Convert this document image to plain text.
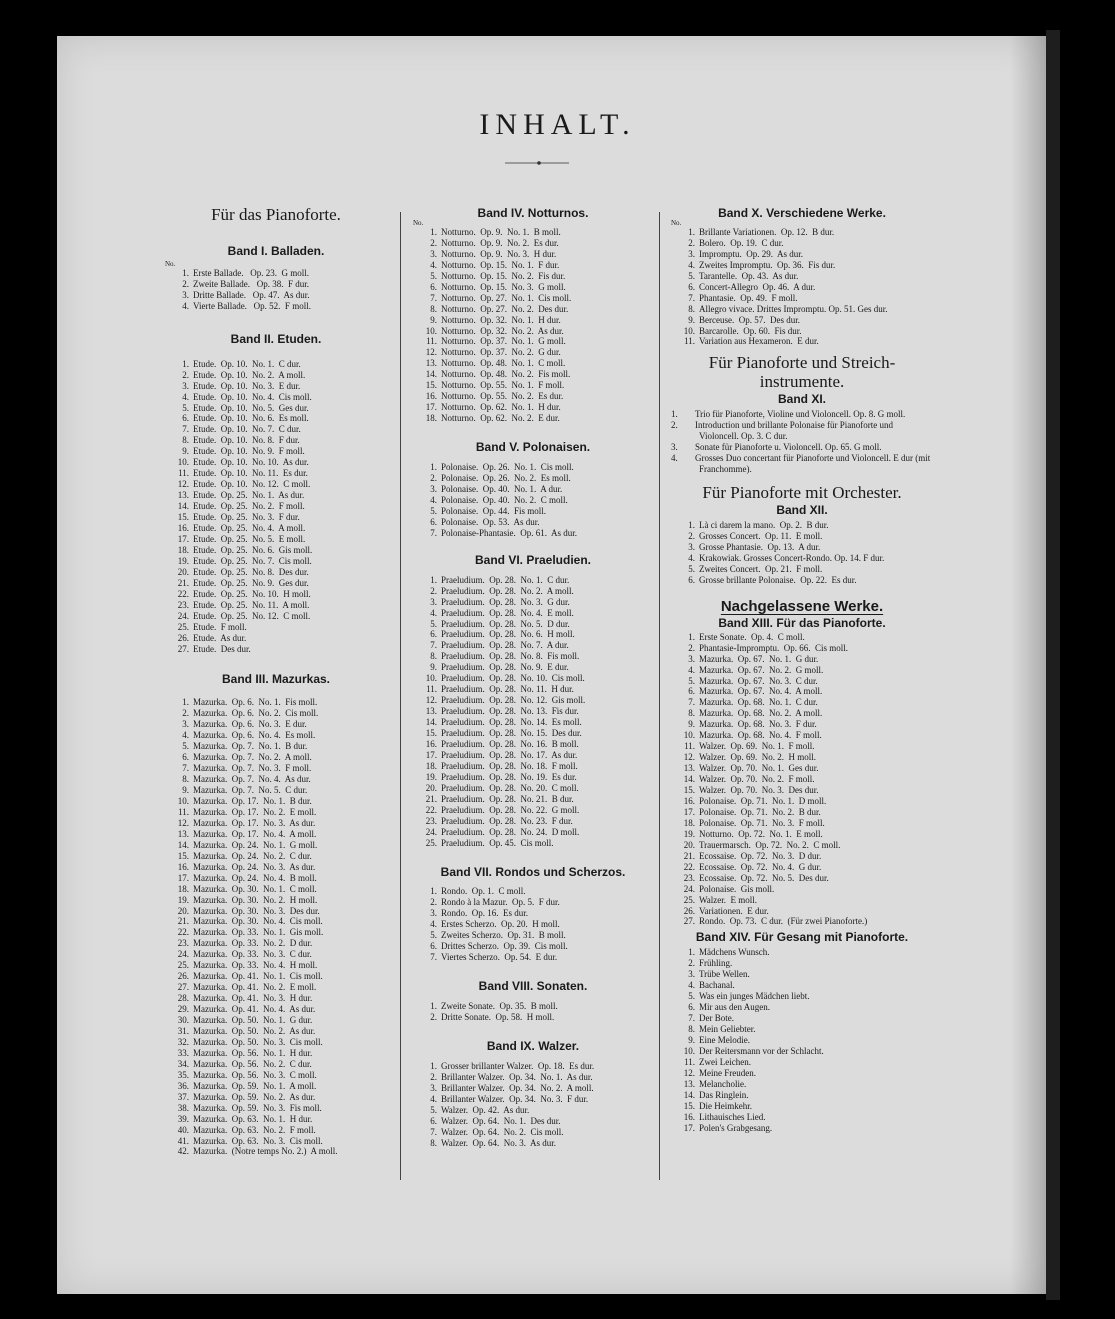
INHALT.
Für das Pianoforte.
Band I. Balladen.
No.
1. Erste Ballade.   Op. 23.  G moll.
2. Zweite Ballade.   Op. 38.  F dur.
3. Dritte Ballade.   Op. 47.  As dur.
4. Vierte Ballade.   Op. 52.  F moll.
Band II. Etuden.
1. Etude.  Op. 10.  No. 1.  C dur.
2. Etude.  Op. 10.  No. 2.  A moll.
3. Etude.  Op. 10.  No. 3.  E dur.
4. Etude.  Op. 10.  No. 4.  Cis moll.
5. Etude.  Op. 10.  No. 5.  Ges dur.
6. Etude.  Op. 10.  No. 6.  Es moll.
7. Etude.  Op. 10.  No. 7.  C dur.
8. Etude.  Op. 10.  No. 8.  F dur.
9. Etude.  Op. 10.  No. 9.  F moll.
10. Etude.  Op. 10.  No. 10.  As dur.
11. Etude.  Op. 10.  No. 11.  Es dur.
12. Etude.  Op. 10.  No. 12.  C moll.
13. Etude.  Op. 25.  No. 1.  As dur.
14. Etude.  Op. 25.  No. 2.  F moll.
15. Etude.  Op. 25.  No. 3.  F dur.
16. Etude.  Op. 25.  No. 4.  A moll.
17. Etude.  Op. 25.  No. 5.  E moll.
18. Etude.  Op. 25.  No. 6.  Gis moll.
19. Etude.  Op. 25.  No. 7.  Cis moll.
20. Etude.  Op. 25.  No. 8.  Des dur.
21. Etude.  Op. 25.  No. 9.  Ges dur.
22. Etude.  Op. 25.  No. 10.  H moll.
23. Etude.  Op. 25.  No. 11.  A moll.
24. Etude.  Op. 25.  No. 12.  C moll.
25. Etude.  F moll.
26. Etude.  As dur.
27. Etude.  Des dur.
Band III. Mazurkas.
1. Mazurka.  Op. 6.  No. 1.  Fis moll.
2. Mazurka.  Op. 6.  No. 2.  Cis moll.
3. Mazurka.  Op. 6.  No. 3.  E dur.
4. Mazurka.  Op. 6.  No. 4.  Es moll.
5. Mazurka.  Op. 7.  No. 1.  B dur.
6. Mazurka.  Op. 7.  No. 2.  A moll.
7. Mazurka.  Op. 7.  No. 3.  F moll.
8. Mazurka.  Op. 7.  No. 4.  As dur.
9. Mazurka.  Op. 7.  No. 5.  C dur.
10. Mazurka.  Op. 17.  No. 1.  B dur.
11. Mazurka.  Op. 17.  No. 2.  E moll.
12. Mazurka.  Op. 17.  No. 3.  As dur.
13. Mazurka.  Op. 17.  No. 4.  A moll.
14. Mazurka.  Op. 24.  No. 1.  G moll.
15. Mazurka.  Op. 24.  No. 2.  C dur.
16. Mazurka.  Op. 24.  No. 3.  As dur.
17. Mazurka.  Op. 24.  No. 4.  B moll.
18. Mazurka.  Op. 30.  No. 1.  C moll.
19. Mazurka.  Op. 30.  No. 2.  H moll.
20. Mazurka.  Op. 30.  No. 3.  Des dur.
21. Mazurka.  Op. 30.  No. 4.  Cis moll.
22. Mazurka.  Op. 33.  No. 1.  Gis moll.
23. Mazurka.  Op. 33.  No. 2.  D dur.
24. Mazurka.  Op. 33.  No. 3.  C dur.
25. Mazurka.  Op. 33.  No. 4.  H moll.
26. Mazurka.  Op. 41.  No. 1.  Cis moll.
27. Mazurka.  Op. 41.  No. 2.  E moll.
28. Mazurka.  Op. 41.  No. 3.  H dur.
29. Mazurka.  Op. 41.  No. 4.  As dur.
30. Mazurka.  Op. 50.  No. 1.  G dur.
31. Mazurka.  Op. 50.  No. 2.  As dur.
32. Mazurka.  Op. 50.  No. 3.  Cis moll.
33. Mazurka.  Op. 56.  No. 1.  H dur.
34. Mazurka.  Op. 56.  No. 2.  C dur.
35. Mazurka.  Op. 56.  No. 3.  C moll.
36. Mazurka.  Op. 59.  No. 1.  A moll.
37. Mazurka.  Op. 59.  No. 2.  As dur.
38. Mazurka.  Op. 59.  No. 3.  Fis moll.
39. Mazurka.  Op. 63.  No. 1.  H dur.
40. Mazurka.  Op. 63.  No. 2.  F moll.
41. Mazurka.  Op. 63.  No. 3.  Cis moll.
42. Mazurka.  (Notre temps No. 2.)  A moll.
Band IV. Notturnos.
No.
1. Notturno.  Op. 9.  No. 1.  B moll.
2. Notturno.  Op. 9.  No. 2.  Es dur.
3. Notturno.  Op. 9.  No. 3.  H dur.
4. Notturno.  Op. 15.  No. 1.  F dur.
5. Notturno.  Op. 15.  No. 2.  Fis dur.
6. Notturno.  Op. 15.  No. 3.  G moll.
7. Notturno.  Op. 27.  No. 1.  Cis moll.
8. Notturno.  Op. 27.  No. 2.  Des dur.
9. Notturno.  Op. 32.  No. 1.  H dur.
10. Notturno.  Op. 32.  No. 2.  As dur.
11. Notturno.  Op. 37.  No. 1.  G moll.
12. Notturno.  Op. 37.  No. 2.  G dur.
13. Notturno.  Op. 48.  No. 1.  C moll.
14. Notturno.  Op. 48.  No. 2.  Fis moll.
15. Notturno.  Op. 55.  No. 1.  F moll.
16. Notturno.  Op. 55.  No. 2.  Es dur.
17. Notturno.  Op. 62.  No. 1.  H dur.
18. Notturno.  Op. 62.  No. 2.  E dur.
Band V. Polonaisen.
1. Polonaise.  Op. 26.  No. 1.  Cis moll.
2. Polonaise.  Op. 26.  No. 2.  Es moll.
3. Polonaise.  Op. 40.  No. 1.  A dur.
4. Polonaise.  Op. 40.  No. 2.  C moll.
5. Polonaise.  Op. 44.  Fis moll.
6. Polonaise.  Op. 53.  As dur.
7. Polonaise-Phantasie.  Op. 61.  As dur.
Band VI. Praeludien.
1. Praeludium.  Op. 28.  No. 1.  C dur.
2. Praeludium.  Op. 28.  No. 2.  A moll.
3. Praeludium.  Op. 28.  No. 3.  G dur.
4. Praeludium.  Op. 28.  No. 4.  E moll.
5. Praeludium.  Op. 28.  No. 5.  D dur.
6. Praeludium.  Op. 28.  No. 6.  H moll.
7. Praeludium.  Op. 28.  No. 7.  A dur.
8. Praeludium.  Op. 28.  No. 8.  Fis moll.
9. Praeludium.  Op. 28.  No. 9.  E dur.
10. Praeludium.  Op. 28.  No. 10.  Cis moll.
11. Praeludium.  Op. 28.  No. 11.  H dur.
12. Praeludium.  Op. 28.  No. 12.  Gis moll.
13. Praeludium.  Op. 28.  No. 13.  Fis dur.
14. Praeludium.  Op. 28.  No. 14.  Es moll.
15. Praeludium.  Op. 28.  No. 15.  Des dur.
16. Praeludium.  Op. 28.  No. 16.  B moll.
17. Praeludium.  Op. 28.  No. 17.  As dur.
18. Praeludium.  Op. 28.  No. 18.  F moll.
19. Praeludium.  Op. 28.  No. 19.  Es dur.
20. Praeludium.  Op. 28.  No. 20.  C moll.
21. Praeludium.  Op. 28.  No. 21.  B dur.
22. Praeludium.  Op. 28.  No. 22.  G moll.
23. Praeludium.  Op. 28.  No. 23.  F dur.
24. Praeludium.  Op. 28.  No. 24.  D moll.
25. Praeludium.  Op. 45.  Cis moll.
Band VII. Rondos und Scherzos.
1. Rondo.  Op. 1.  C moll.
2. Rondo à la Mazur.  Op. 5.  F dur.
3. Rondo.  Op. 16.  Es dur.
4. Erstes Scherzo.  Op. 20.  H moll.
5. Zweites Scherzo.  Op. 31.  B moll.
6. Drittes Scherzo.  Op. 39.  Cis moll.
7. Viertes Scherzo.  Op. 54.  E dur.
Band VIII. Sonaten.
1. Zweite Sonate.  Op. 35.  B moll.
2. Dritte Sonate.  Op. 58.  H moll.
Band IX. Walzer.
1. Grosser brillanter Walzer.  Op. 18.  Es dur.
2. Brillanter Walzer.  Op. 34.  No. 1.  As dur.
3. Brillanter Walzer.  Op. 34.  No. 2.  A moll.
4. Brillanter Walzer.  Op. 34.  No. 3.  F dur.
5. Walzer.  Op. 42.  As dur.
6. Walzer.  Op. 64.  No. 1.  Des dur.
7. Walzer.  Op. 64.  No. 2.  Cis moll.
8. Walzer.  Op. 64.  No. 3.  As dur.
Band X. Verschiedene Werke.
No.
1. Brillante Variationen.  Op. 12.  B dur.
2. Bolero.  Op. 19.  C dur.
3. Impromptu.  Op. 29.  As dur.
4. Zweites Impromptu.  Op. 36.  Fis dur.
5. Tarantelle.  Op. 43.  As dur.
6. Concert-Allegro  Op. 46.  A dur.
7. Phantasie.  Op. 49.  F moll.
8. Allegro vivace. Drittes Impromptu. Op. 51. Ges dur.
9. Berceuse.  Op. 57.  Des dur.
10. Barcarolle.  Op. 60.  Fis dur.
11. Variation aus Hexameron.  E dur.
Für Pianoforte und Streich-instrumente.
Band XI.
1. Trio für Pianoforte, Violine und Violoncell. Op. 8. G moll.
2. Introduction und brillante Polonaise für Pianoforte und Violoncell. Op. 3. C dur.
3. Sonate für Pianoforte u. Violoncell. Op. 65. G moll.
4. Grosses Duo concertant für Pianoforte und Violoncell. E dur (mit Franchomme).
Für Pianoforte mit Orchester.
Band XII.
1. Là ci darem la mano.  Op. 2.  B dur.
2. Grosses Concert.  Op. 11.  E moll.
3. Grosse Phantasie.  Op. 13.  A dur.
4. Krakowiak. Grosses Concert-Rondo. Op. 14. F dur.
5. Zweites Concert.  Op. 21.  F moll.
6. Grosse brillante Polonaise.  Op. 22.  Es dur.
Nachgelassene Werke.
Band XIII. Für das Pianoforte.
1. Erste Sonate.  Op. 4.  C moll.
2. Phantasie-Impromptu.  Op. 66.  Cis moll.
3. Mazurka.  Op. 67.  No. 1.  G dur.
4. Mazurka.  Op. 67.  No. 2.  G moll.
5. Mazurka.  Op. 67.  No. 3.  C dur.
6. Mazurka.  Op. 67.  No. 4.  A moll.
7. Mazurka.  Op. 68.  No. 1.  C dur.
8. Mazurka.  Op. 68.  No. 2.  A moll.
9. Mazurka.  Op. 68.  No. 3.  F dur.
10. Mazurka.  Op. 68.  No. 4.  F moll.
11. Walzer.  Op. 69.  No. 1.  F moll.
12. Walzer.  Op. 69.  No. 2.  H moll.
13. Walzer.  Op. 70.  No. 1.  Ges dur.
14. Walzer.  Op. 70.  No. 2.  F moll.
15. Walzer.  Op. 70.  No. 3.  Des dur.
16. Polonaise.  Op. 71.  No. 1.  D moll.
17. Polonaise.  Op. 71.  No. 2.  B dur.
18. Polonaise.  Op. 71.  No. 3.  F moll.
19. Notturno.  Op. 72.  No. 1.  E moll.
20. Trauermarsch.  Op. 72.  No. 2.  C moll.
21. Ecossaise.  Op. 72.  No. 3.  D dur.
22. Ecossaise.  Op. 72.  No. 4.  G dur.
23. Ecossaise.  Op. 72.  No. 5.  Des dur.
24. Polonaise.  Gis moll.
25. Walzer.  E moll.
26. Variationen.  E dur.
27. Rondo.  Op. 73.  C dur.  (Für zwei Pianoforte.)
Band XIV. Für Gesang mit Pianoforte.
1. Mädchens Wunsch.
2. Frühling.
3. Trübe Wellen.
4. Bachanal.
5. Was ein junges Mädchen liebt.
6. Mir aus den Augen.
7. Der Bote.
8. Mein Geliebter.
9. Eine Melodie.
10. Der Reitersmann vor der Schlacht.
11. Zwei Leichen.
12. Meine Freuden.
13. Melancholie.
14. Das Ringlein.
15. Die Heimkehr.
16. Lithauisches Lied.
17. Polen's Grabgesang.
